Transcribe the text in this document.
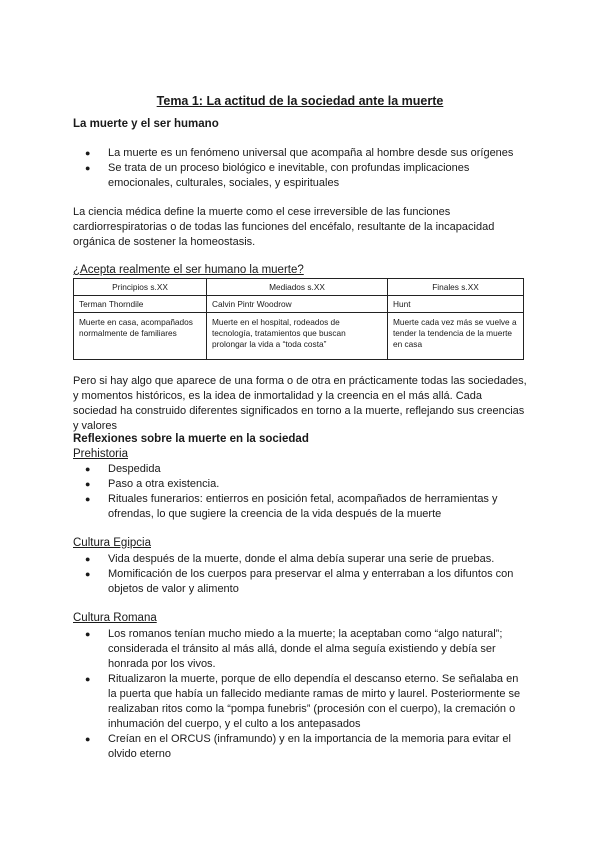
Tema 1: La actitud de la sociedad ante la muerte
La muerte y el ser humano
● La muerte es un fenómeno universal que acompaña al hombre desde sus orígenes
● Se trata de un proceso biológico e inevitable, con profundas implicaciones emocionales, culturales, sociales, y espirituales
La ciencia médica define la muerte como el cese irreversible de las funciones cardiorrespiratorias o de todas las funciones del encéfalo, resultante de la incapacidad orgánica de sostener la homeostasis.
¿Acepta realmente el ser humano la muerte?
Principios s.XX	Mediados s.XX	Finales s.XX
Terman Thorndile	Calvin Pintr Woodrow	Hunt
Muerte en casa, acompañados normalmente de familiares	Muerte en el hospital, rodeados de tecnología, tratamientos que buscan prolongar la vida a “toda costa”	Muerte cada vez más se vuelve a tender la tendencia de la muerte en casa
Pero si hay algo que aparece de una forma o de otra en prácticamente todas las sociedades, y momentos históricos, es la idea de inmortalidad y la creencia en el más allá. Cada sociedad ha construido diferentes significados en torno a la muerte, reflejando sus creencias y valores
Reflexiones sobre la muerte en la sociedad
Prehistoria
● Despedida
● Paso a otra existencia.
● Rituales funerarios: entierros en posición fetal, acompañados de herramientas y ofrendas, lo que sugiere la creencia de la vida después de la muerte
Cultura Egipcia
● Vida después de la muerte, donde el alma debía superar una serie de pruebas.
● Momificación de los cuerpos para preservar el alma y enterraban a los difuntos con objetos de valor y alimento
Cultura Romana
● Los romanos tenían mucho miedo a la muerte; la aceptaban como “algo natural”; considerada el tránsito al más allá, donde el alma seguía existiendo y debía ser honrada por los vivos.
● Ritualizaron la muerte, porque de ello dependía el descanso eterno. Se señalaba en la puerta que había un fallecido mediante ramas de mirto y laurel. Posteriormente se realizaban ritos como la “pompa funebris” (procesión con el cuerpo), la cremación o inhumación del cuerpo, y el culto a los antepasados
● Creían en el ORCUS (inframundo) y en la importancia de la memoria para evitar el olvido eterno
